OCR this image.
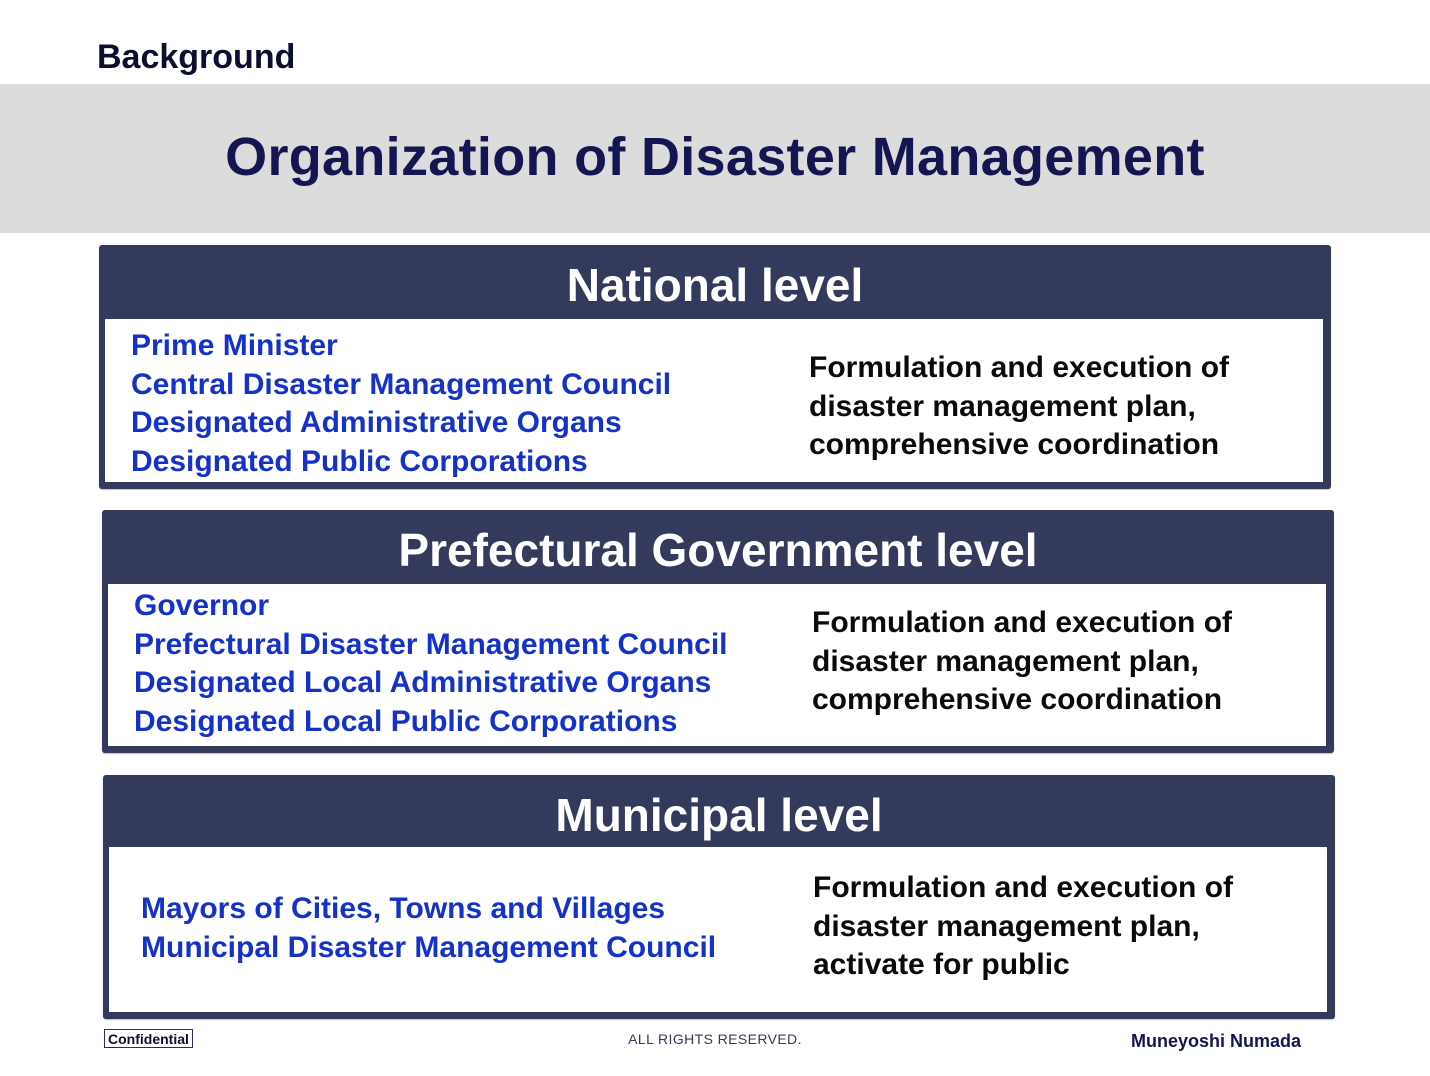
Background
Organization of Disaster Management
National level
Prime Minister
Central Disaster Management Council
Designated Administrative Organs
Designated Public Corporations
Formulation and execution of
disaster management plan,
comprehensive coordination
Prefectural Government level
Governor
Prefectural Disaster Management Council
Designated Local Administrative Organs
Designated Local Public Corporations
Formulation and execution of
disaster management plan,
comprehensive coordination
Municipal level
Mayors of Cities, Towns and Villages
Municipal Disaster Management Council
Formulation and execution of
disaster management plan,
activate for public
Confidential	ALL RIGHTS RESERVED.	Muneyoshi Numada
